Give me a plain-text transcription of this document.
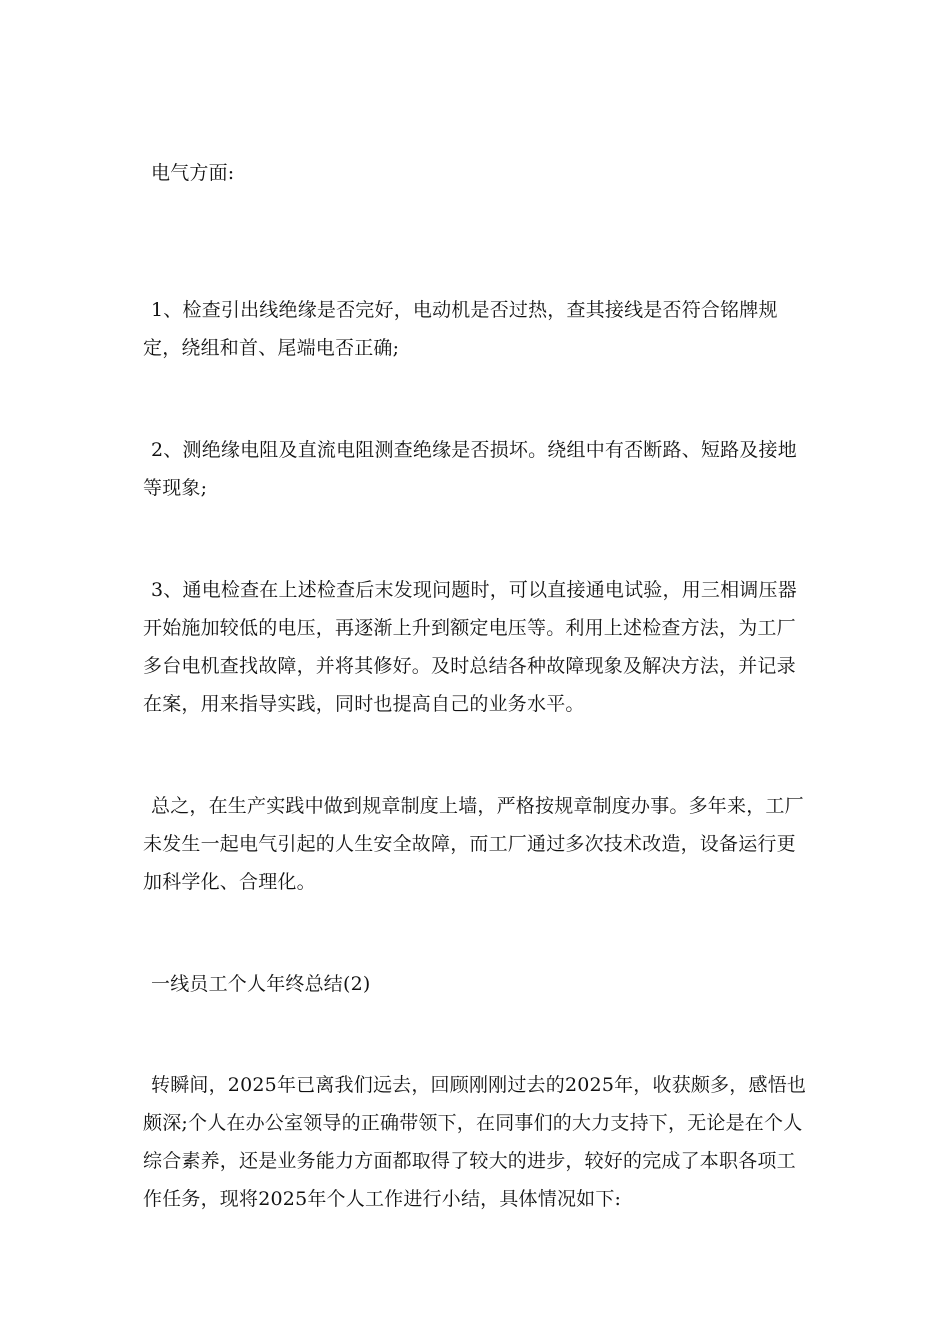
电气方面:

1、检查引出线绝缘是否完好，电动机是否过热，查其接线是否符合铭牌规定，绕组和首、尾端电否正确;

2、测绝缘电阻及直流电阻测查绝缘是否损坏。绕组中有否断路、短路及接地等现象;

3、通电检查在上述检查后末发现问题时，可以直接通电试验，用三相调压器开始施加较低的电压，再逐渐上升到额定电压等。利用上述检查方法，为工厂多台电机查找故障，并将其修好。及时总结各种故障现象及解决方法，并记录在案，用来指导实践，同时也提高自己的业务水平。

总之，在生产实践中做到规章制度上墙，严格按规章制度办事。多年来，工厂未发生一起电气引起的人生安全故障，而工厂通过多次技术改造，设备运行更加科学化、合理化。

一线员工个人年终总结(2)

转瞬间，2025年已离我们远去，回顾刚刚过去的2025年，收获颇多，感悟也颇深;个人在办公室领导的正确带领下，在同事们的大力支持下，无论是在个人综合素养，还是业务能力方面都取得了较大的进步，较好的完成了本职各项工作任务，现将2025年个人工作进行小结，具体情况如下:
